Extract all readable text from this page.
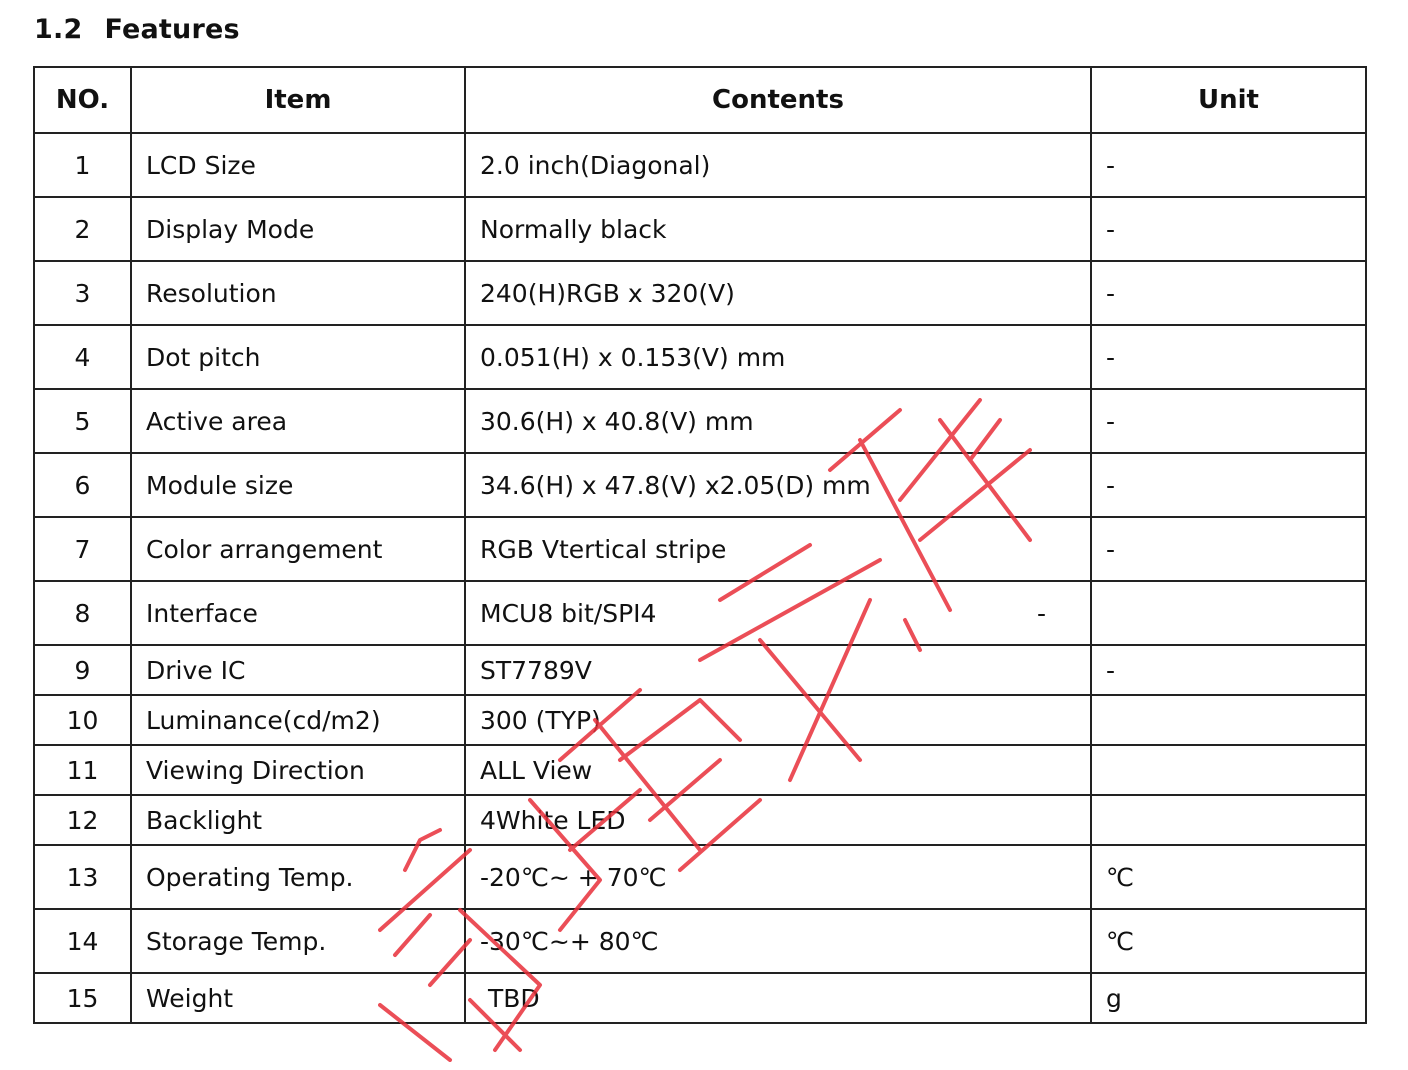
1.2 Features
NO.	Item	Contents	Unit
1	LCD Size	2.0 inch(Diagonal)	-
2	Display Mode	Normally black	-
3	Resolution	240(H)RGB x 320(V)	-
4	Dot pitch	0.051(H) x 0.153(V) mm	-
5	Active area	30.6(H) x 40.8(V) mm	-
6	Module size	34.6(H) x 47.8(V) x2.05(D) mm	-
7	Color arrangement	RGB Vtertical stripe	-
8	Interface	MCU8 bit/SPI4 -	

9	Drive IC	ST7789V	-
10	Luminance(cd/m2)	300 (TYP)	
11	Viewing Direction	ALL View	
12	Backlight	4White LED	
13	Operating Temp.	-20℃~ + 70℃	℃
14	Storage Temp.	-30℃~+ 80℃	℃
15	Weight	TBD	g
